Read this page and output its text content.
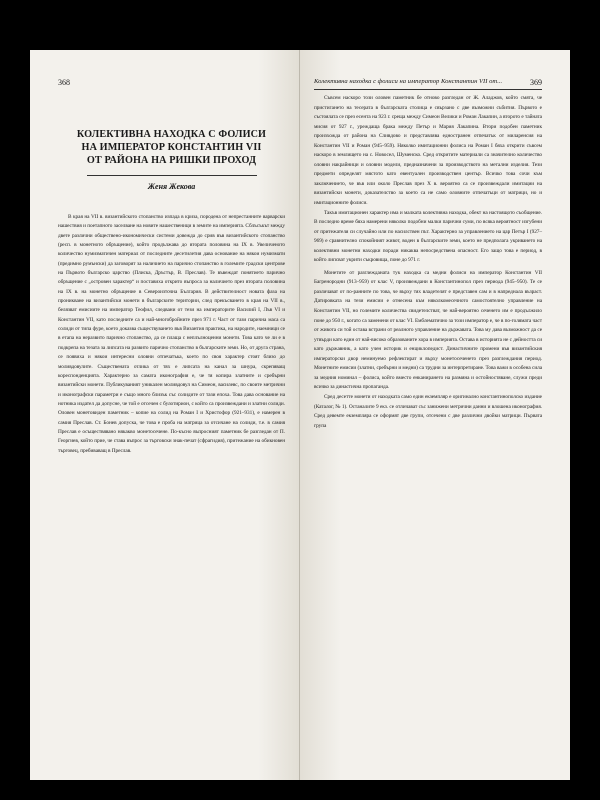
368
КОЛЕКТИВНА НАХОДКА С ФОЛИСИ
НА ИМПЕРАТОР КОНСТАНТИН VII
ОТ РАЙОНА НА РИШКИ ПРОХОД
Женя Жекова

В края на VII в. византийското стопанство изпада в криза, породена от непрестанните варварски нашествия и поетапното заселване на новите нашественици в земите на империята. Сблъсъкът между двете различни обществено-икономически системи довежда до срив във византийското стопанство (респ. в монетното обръщение), който продължава до втората половина на IX в. Увеличеното количество нумизматичен материал от последните десетилетия дава основание на някои нумизмати (предимно румънски) да заговорят за наличието на парично стопанство в големите градски центрове на Първото българско царство (Плиска, Дръстър, В. Преслав). Те въвеждат понятието парично обръщение с „островен характер“ и поставиха открито въпроса за наличието през втората половина на IX в. на монетно обръщение в Североизточна България. В действителност новата фаза на проникване на византийски монети в българските територии, след прекъсването в края на VII в., белязват емисиите на император Теофил, следвани от тези на императорите Василий I, Лъв VI и Константин VII, като последните са и най-многобройните през 971 г. Част от тази парична маса са солиди от типа фуре, което доказва съществуването във Византия практика, на народите, наемници се в етапа на неразвито парично стопанство, да се плаща с неплълноценни монети. Това като че ли е в подкрепа на тезата за липсата на развито парично стопанство в българските земи. Но, от друга страна, се появиха и някои интересни оловни отпечатъка, което по своя характер стоят близо до моливдовулите. Съществената отлика от тях е липсата на канал за шнура, скрепяващ кореспонденцията. Характерно за самата иконография е, че тя копира златните и сребърни византийски монети. Публикуваният уникален моливдовул на Симеон, василевс, по своите метрични и иконографски параметри е също много близък със солидите от тази епоха. Това дава основание на нотника издател да допусне, че той е отсечен с булотирион, с който са произвеждани и златни солиди. Оловен монетовиден паметник – копие на солид на Роман I и Христофор (921–931), е намерен в самия Преслав. Ст. Бонев допуска, че това е проба на матрица за отсичане на солиди, т.е. в самия Преслав е осъществявано някакво монетосечене. По-късно въпросният паметник бе разгледан от П. Георгиев, който прие, че става въпрос за търговски знак-печат (сфрагидия), притежание на обикновен търговец, пребиваващ в Преслав.

Колективна находка с фолиси на император Константин VII от...	369

Съвсем наскоро този оловен паметник бе отново разгледан от Ж. Аладжов, който смята, че пристигането на тесерата в българската столица е свързано с две възможни събития. Първото е състоялата се през есента на 923 г. среща между Симеон Велики и Роман Лакапин, а второто е тайната мисия от 927 г., уреждаща брака между Петър и Мария Лакапина. Втори подобен паметник произхожда от района на Сливдово и представлява едностранен отпечатък от миларенсия на Константин VII и Роман (945–959). Няколко имитационни фолиса на Роман I бяха открити съвсем наскоро в землището на с. Новосел, Шуменско. Сред откритите материали са значително количество оловни накрайници и оловни модели, предназначени за производството на метални изделия. Тези предмети определят мястото като евентуален производствен център. Всичко това сочи към заключението, че във или около Преслав през X в. вероятно са се произвеждали имитации на византийски монети, доказателство за което са не само оловните отпечатъци от матрици, но и имитационните фолиси.

Такъв имитационен характер има и малката колективна находка, обект на настоящото съобщение. В последно време бяха намерени няколко подобни малки парични суми, по всяка вероятност изгубени от притежателя си случайно или по насилствен път. Характерно за управлението на цар Петър I (927–969) е сравнително спокойният живот, воден в българските земи, което не предполага укриването на колективни монетни находки поради никаква непосредствена опасност. Его защо това е период, в който липсват укрити съкровища, поне до 971 г.

Монетите от разглежданата тук находка са медни фолиси на император Константин VII Багренородни (913–959) от клас V, произвеждани в Константинопол през периода (945–950). Те се различават от по-ранните по това, че върху тях владетелят е представен сам и в напреднала възраст. Датировката на тези емисии е отнесена към няколкомесечното самостоятелно управление на Константин VII, но големите количества свидетелстват, че най-вероятно сеченето им е продължило поне до 950 г., когато са заменени от клас VI. Емблематично за този император е, че в по-голямата част от живота си той остава встрани от реалното управление на държавата. Това му дава възможност да се утвърди като един от най-високо образованите хора в империята. Остава в историята не с дейността си като държавник, а като учен историк и енциклопедист. Династичните промени във византийския императорски двор неминуемо рефлектират и върху монетосеченето през разглеждания период. Монетните емисии (златни, сребърни и медни) са трудни за интерпретиране. Това важи в особена сила за медния номинал – фолиса, който вместо енканирането на размяна и остойностяване, служи преди всичко за династична пропаганда.

Сред десетте монети от находката само един екземпляр е оригинално константинополско издание (Каталог, № 1). Останалите 9 екз. се отличават със занижени метрични данни и влошена иконография. Сред девемте екземпляра се оформят две групи, отсечени с две различни двойки матрици. Първата група
